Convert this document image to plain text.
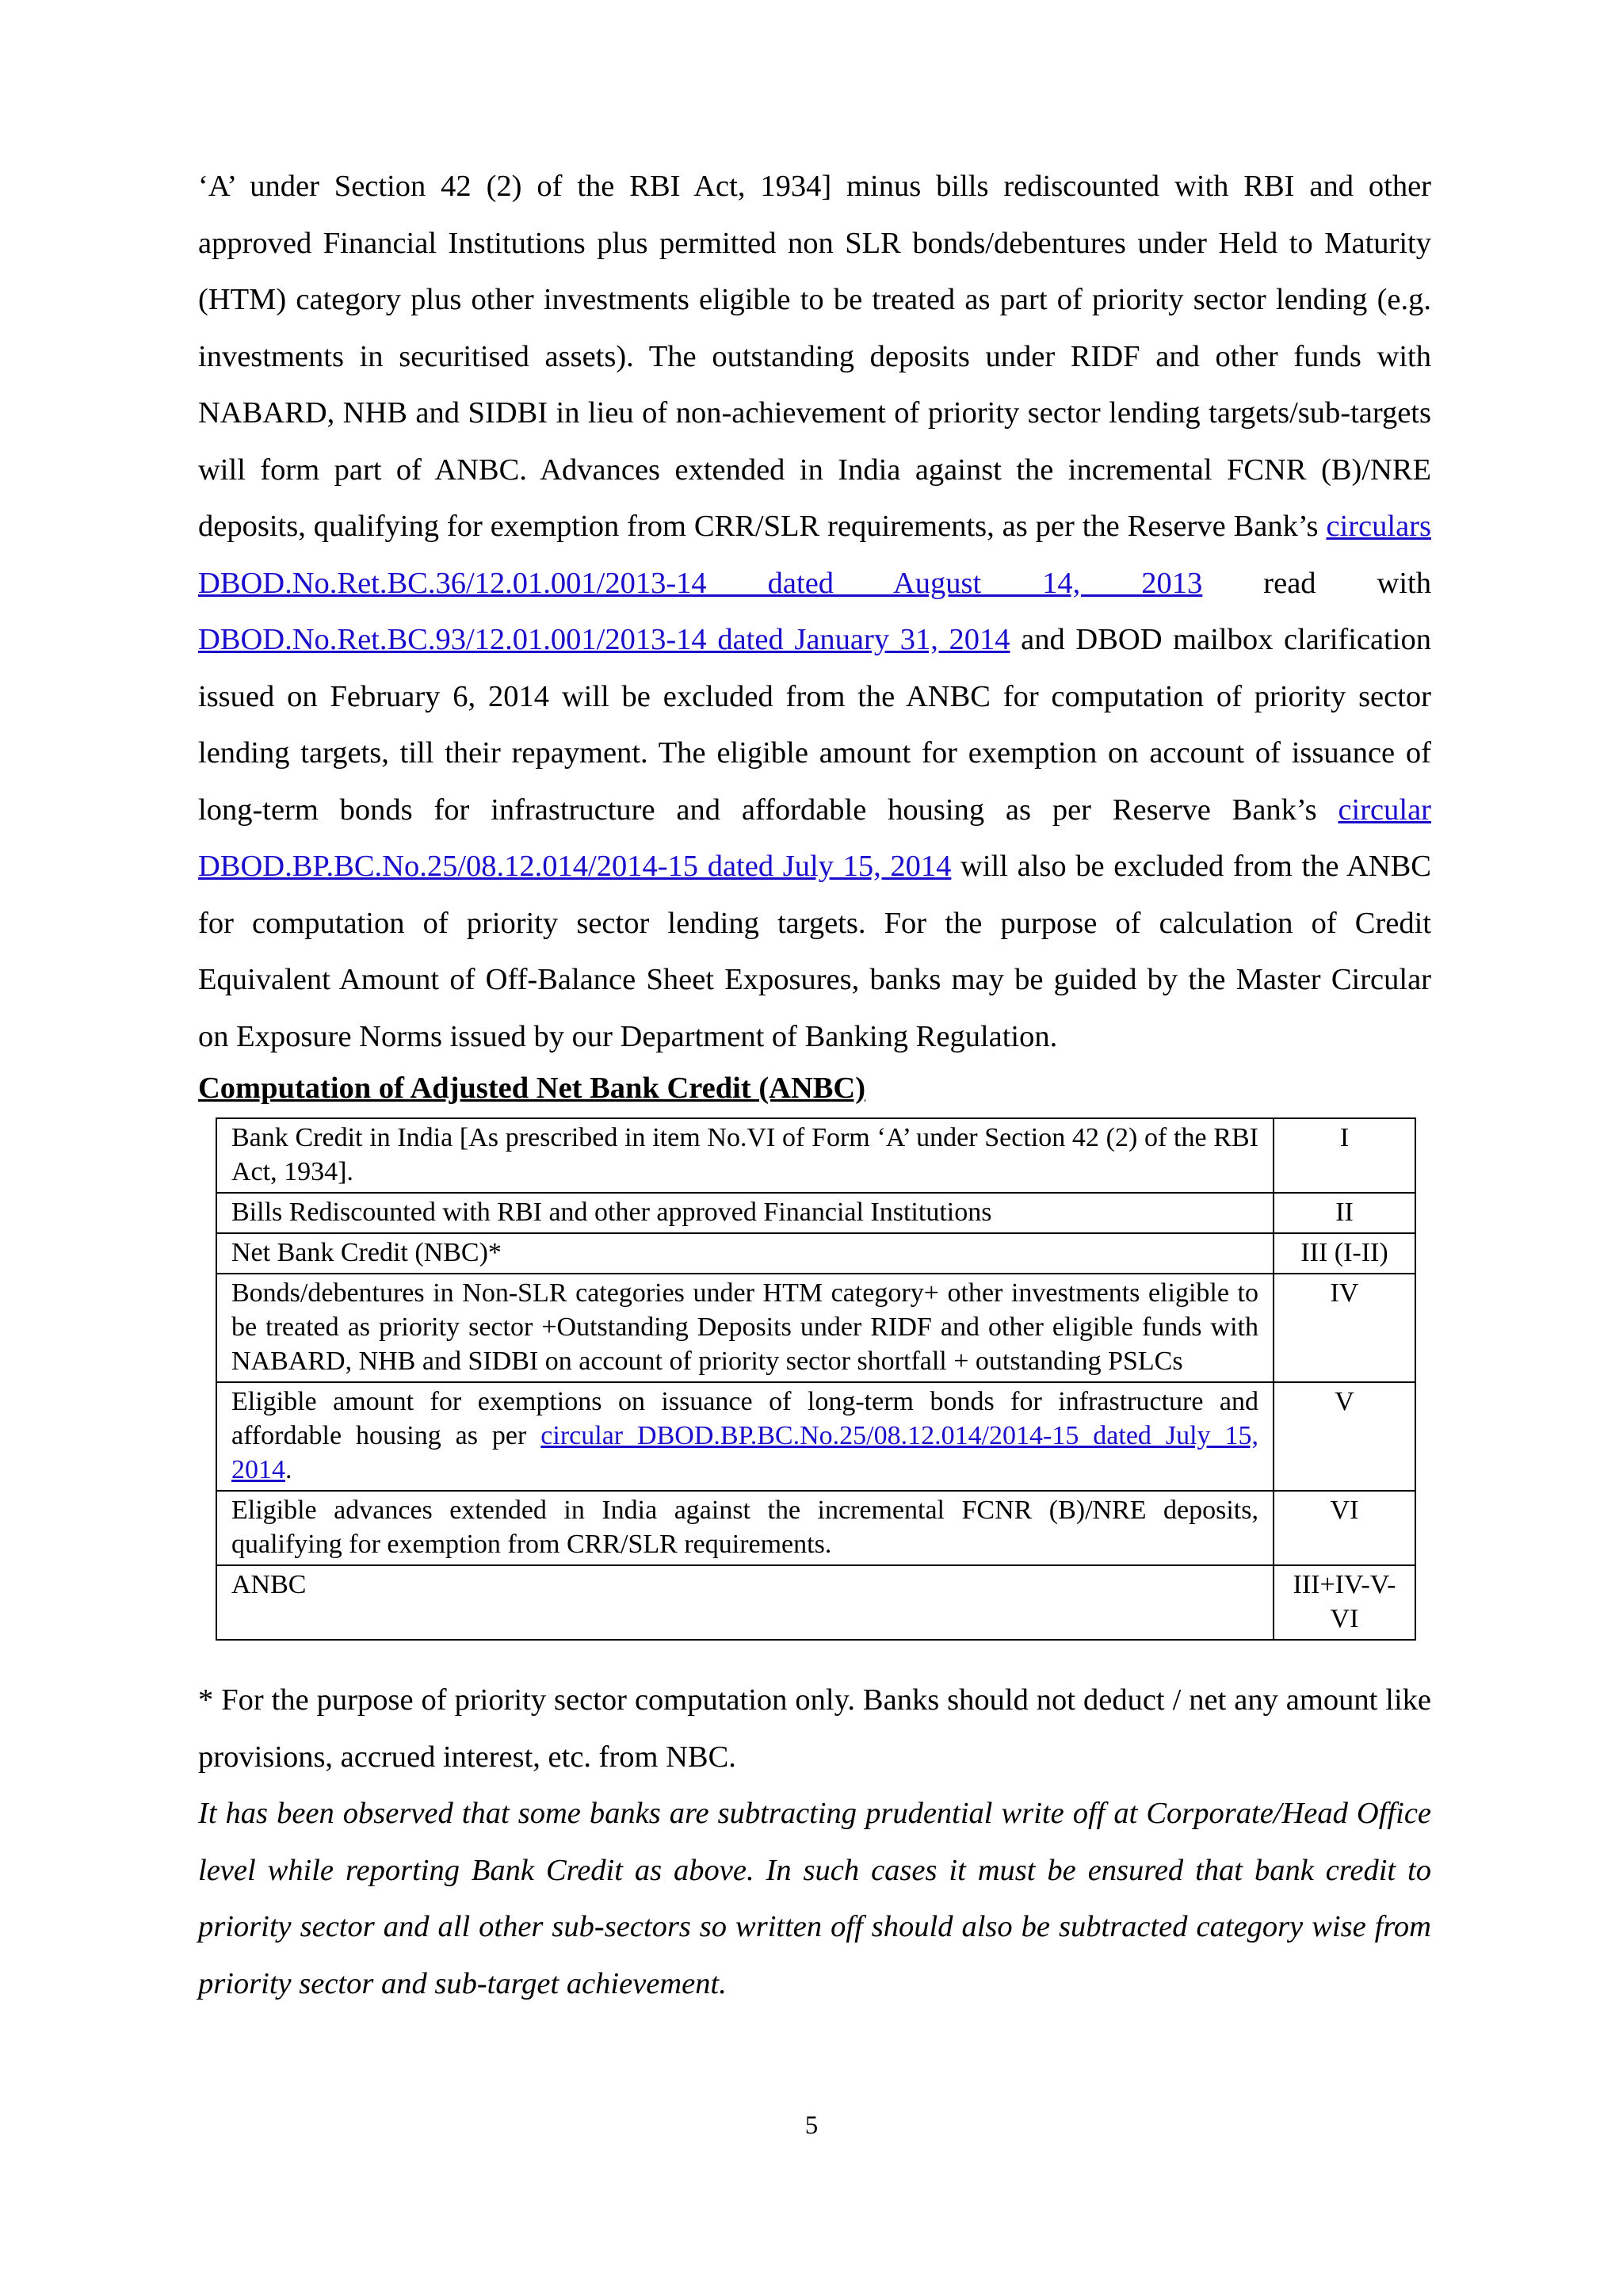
‘A’ under Section 42 (2) of the RBI Act, 1934] minus bills rediscounted with RBI and other approved Financial Institutions plus permitted non SLR bonds/debentures under Held to Maturity (HTM) category plus other investments eligible to be treated as part of priority sector lending (e.g. investments in securitised assets). The outstanding deposits under RIDF and other funds with NABARD, NHB and SIDBI in lieu of non-achievement of priority sector lending targets/sub-targets will form part of ANBC. Advances extended in India against the incremental FCNR (B)/NRE deposits, qualifying for exemption from CRR/SLR requirements, as per the Reserve Bank’s circulars DBOD.No.Ret.BC.36/12.01.001/2013-14 dated August 14, 2013 read with DBOD.No.Ret.BC.93/12.01.001/2013-14 dated January 31, 2014 and DBOD mailbox clarification issued on February 6, 2014 will be excluded from the ANBC for computation of priority sector lending targets, till their repayment. The eligible amount for exemption on account of issuance of long-term bonds for infrastructure and affordable housing as per Reserve Bank’s circular DBOD.BP.BC.No.25/08.12.014/2014-15 dated July 15, 2014 will also be excluded from the ANBC for computation of priority sector lending targets. For the purpose of calculation of Credit Equivalent Amount of Off-Balance Sheet Exposures, banks may be guided by the Master Circular on Exposure Norms issued by our Department of Banking Regulation.

Computation of Adjusted Net Bank Credit (ANBC)
Bank Credit in India [As prescribed in item No.VI of Form ‘A’ under Section 42 (2) of the RBI Act, 1934].	I
Bills Rediscounted with RBI and other approved Financial Institutions	II
Net Bank Credit (NBC)*	III (I-II)
Bonds/debentures in Non-SLR categories under HTM category+ other investments eligible to be treated as priority sector +Outstanding Deposits under RIDF and other eligible funds with NABARD, NHB and SIDBI on account of priority sector shortfall + outstanding PSLCs	IV
Eligible amount for exemptions on issuance of long-term bonds for infrastructure and affordable housing as per circular DBOD.BP.BC.No.25/08.12.014/2014-15 dated July 15, 2014.	V
Eligible advances extended in India against the incremental FCNR (B)/NRE deposits, qualifying for exemption from CRR/SLR requirements.	VI
ANBC	III+IV-V-VI

* For the purpose of priority sector computation only. Banks should not deduct / net any amount like provisions, accrued interest, etc. from NBC.

It has been observed that some banks are subtracting prudential write off at Corporate/Head Office level while reporting Bank Credit as above. In such cases it must be ensured that bank credit to priority sector and all other sub-sectors so written off should also be subtracted category wise from priority sector and sub-target achievement.

5
